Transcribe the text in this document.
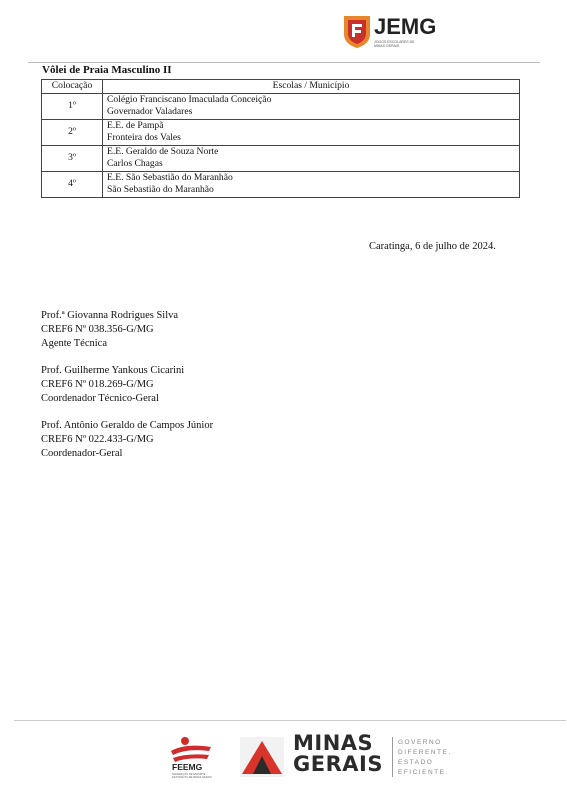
JEMG
JOGOS ESCOLARES DE MINAS GERAIS
Vôlei de Praia Masculino II
Colocação	Escolas / Município
1º	Colégio Franciscano Imaculada Conceição
Governador Valadares

2º	E.E. de Pampã
Fronteira dos Vales

3º	E.E. Geraldo de Souza Norte
Carlos Chagas

4º	E.E. São Sebastião do Maranhão
São Sebastião do Maranhão
Caratinga, 6 de julho de 2024.
Prof.ª Giovanna Rodrigues Silva
CREF6 Nº 038.356-G/MG
Agente Técnica
Prof. Guilherme Yankous Cicarini
CREF6 Nº 018.269-G/MG
Coordenador Técnico-Geral
Prof. Antônio Geraldo de Campos Júnior
CREF6 Nº 022.433-G/MG
Coordenador-Geral
FEEMG
FEDERAÇÃO DE ESPORTE ESTUDANTIL DE MINAS GERAIS
MINAS
GERAIS
GOVERNO
DIFERENTE.
ESTADO
EFICIENTE.
